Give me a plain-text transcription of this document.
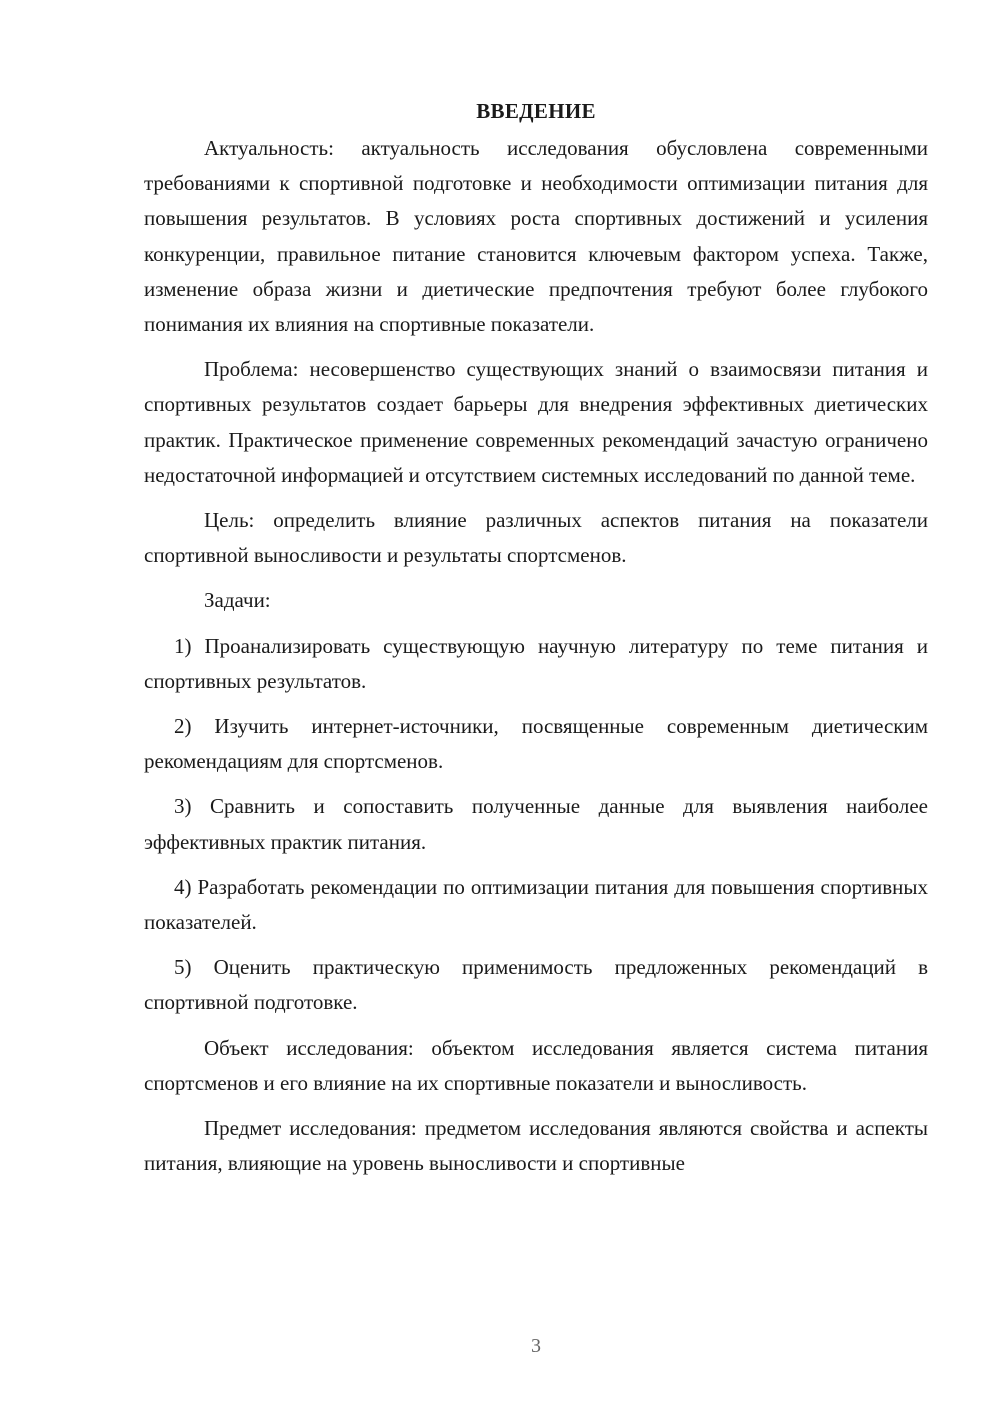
ВВЕДЕНИЕ

Актуальность: актуальность исследования обусловлена современными требованиями к спортивной подготовке и необходимости оптимизации питания для повышения результатов. В условиях роста спортивных достижений и усиления конкуренции, правильное питание становится ключевым фактором успеха. Также, изменение образа жизни и диетические предпочтения требуют более глубокого понимания их влияния на спортивные показатели.

Проблема: несовершенство существующих знаний о взаимосвязи питания и спортивных результатов создает барьеры для внедрения эффективных диетических практик. Практическое применение современных рекомендаций зачастую ограничено недостаточной информацией и отсутствием системных исследований по данной теме.

Цель: определить влияние различных аспектов питания на показатели спортивной выносливости и результаты спортсменов.

Задачи:

1) Проанализировать существующую научную литературу по теме питания и спортивных результатов.

2) Изучить интернет-источники, посвященные современным диетическим рекомендациям для спортсменов.

3) Сравнить и сопоставить полученные данные для выявления наиболее эффективных практик питания.

4) Разработать рекомендации по оптимизации питания для повышения спортивных показателей.

5) Оценить практическую применимость предложенных рекомендаций в спортивной подготовке.

Объект исследования: объектом исследования является система питания спортсменов и его влияние на их спортивные показатели и выносливость.

Предмет исследования: предметом исследования являются свойства и аспекты питания, влияющие на уровень выносливости и спортивные

3
